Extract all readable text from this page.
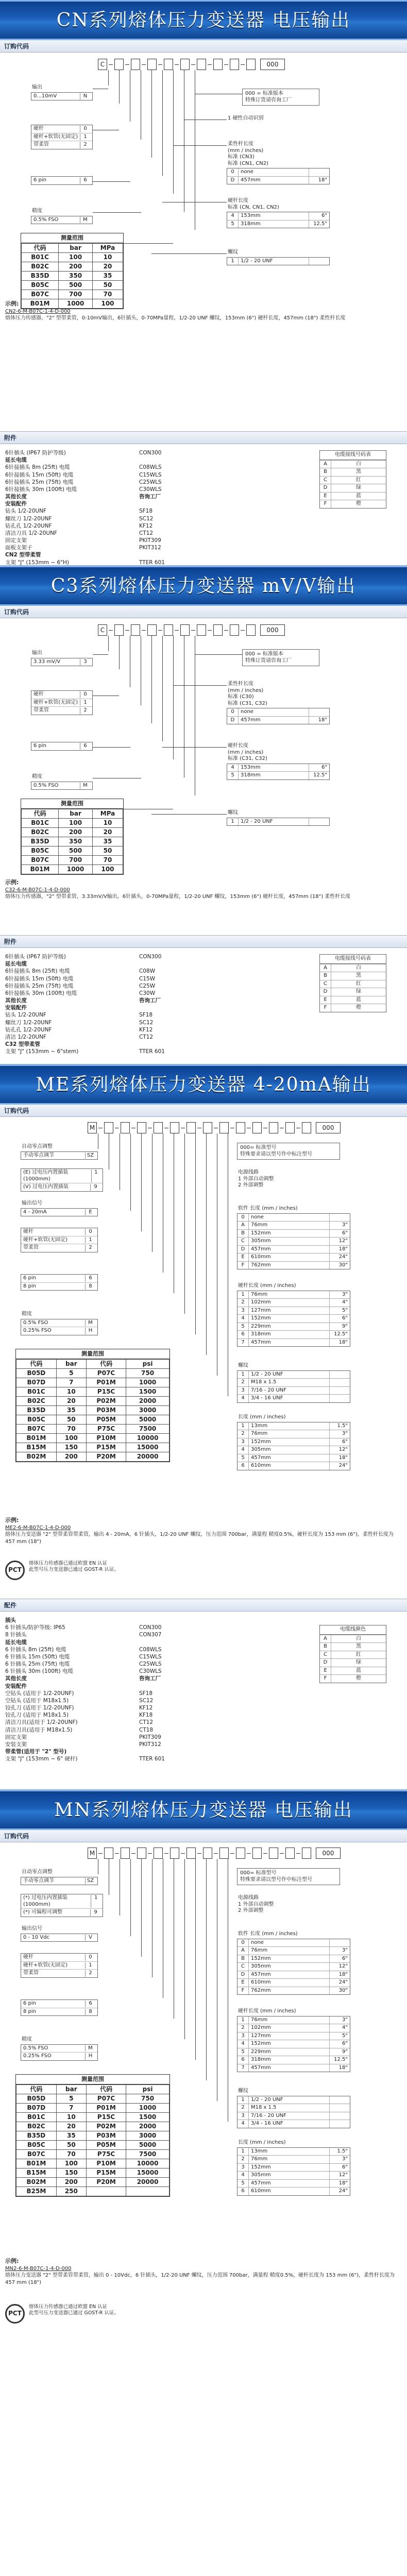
CN系列熔体压力变送器 电压输出
订购代码
C	000
输出
0...10mV	N
硬杆	0
硬杆+软管(无固定)	1
带柔管	2
6 pin	6
精度
0.5% FSO	M
测量范围
代码	bar	MPa
B01C	100	10
B02C	200	20
B35D	350	35
B05C	500	50
B07C	700	70
B01M	1000	100
000 = 标准版本
特殊订货请咨询工厂
1 硬性自动识别
柔性杆长度
(mm / inches)
标准 (CN3)
标准 (CN1, CN2)
0	none
D	457mm	18"
硬杆长度
标准 (CN, CN1, CN2)
4	153mm	6"
5	318mm	12.5"
螺纹
1	1/2 - 20 UNF
示例:
CN2-6-M-B07C-1-4-D-000
熔体压力传感器，"2" 型带柔管，0-10mV输出，6针插头，0-70MPa量程，1/2-20 UNF 螺纹，153mm (6") 硬杆长度，457mm (18") 柔性杆长度
附件
6针插头 (IP67 防护等级)	CON300
延长电缆
6针接插头 8m (25ft) 电缆	C08WLS
6针接插头 15m (50ft) 电缆	C15WLS
6针接插头 25m (75ft) 电缆	C25WLS
6针接插头 30m (100ft) 电缆	C30WLS
其他长度	咨询工厂
安装配件
钻头 1/2-20UNF	SF18
螺丝刀 1/2-20UNF	SC12
钻孔孔 1/2-20UNF	KF12
清洁刀具 1/2-20UNF	CT12
固定支架	PKIT309
面板支架子	PKIT312
CN2 型带柔管
支架 "J" (153mm ~ 6"H)	TTER 601
电缆接线号码表
A	白
B	黑
C	红
D	绿
E	蓝
F	橙
C3系列熔体压力变送器 mV/V输出
订购代码
C	000
输出
3.33 mV/V	3
硬杆	0
硬杆+软管(无固定)	1
带柔管	2
6 pin	6
精度
0.5% FSO	M
测量范围
代码	bar	MPa
B01C	100	10
B02C	200	20
B35D	350	35
B05C	500	50
B07C	700	70
B01M	1000	100
000 = 标准版本
特殊订货请咨询工厂
柔性杆长度
(mm / inches)
标准 (C30)
标准 (C31, C32)
0	none
D	457mm	18"
硬杆长度
(mm / inches)
标准 (C31, C32)
4	153mm	6"
5	318mm	12.5"
螺纹
1	1/2 - 20 UNF
示例:
C32-6-M-B07C-1-4-D-000
熔体压力传感器，"2" 型带柔管，3.33mV/V输出，6针插头，0-70MPa量程，1/2-20 UNF 螺纹，153mm (6") 硬杆长度，457mm (18") 柔性杆长度
附件
6针插头 (IP67 防护等级)	CON300
延长电缆
6针接插头 8m (25ft) 电缆	C08W
6针接插头 15m (50ft) 电缆	C15W
6针接插头 25m (75ft) 电缆	C25W
6针接插头 30m (100ft) 电缆	C30W
其他长度	咨询工厂
安装配件
钻头 1/2-20UNF	SF18
螺丝刀 1/2-20UNF	SC12
钻孔孔 1/2-20UNF	KF12
清洁 1/2-20UNF	CT12
C32 型带柔管
支架 "J" (153mm ~ 6"stem)	TTER 601
电缆接线号码表
A	白
B	黑
C	红
D	绿
E	蓝
F	橙
ME系列熔体压力变送器 4-20mA输出
订购代码
M	000
自动零点调整
手动零点调节	SZ
(E) 过电压内置插装 (1000mm)
1
(V) 过电压内置插装	9
输出信号
4 - 20mA	E
硬杆	0
硬杆+软管(无固定)	1
带柔管	2
6 pin	6
8 pin	8
精度
0.5% FSO	M
0.25% FSO	H
测量范围
代码	bar	代码	psi
B05D	5	P07C	750
B07D	7	P01M	1000
B01C	10	P15C	1500
B02C	20	P02M	2000
B35D	35	P03M	3000
B05C	50	P05M	5000
B07C	70	P75C	7500
B01M	100	P10M	10000
B15M	150	P15M	15000
B02M	200	P20M	20000
000= 标准型号
特殊要求请以型号作中标注型号
电源线路
1 外部自动调整
2 外部调整
软件 长度 (mm / inches)
0	none
A	76mm	3"
B	152mm	6"
C	305mm	12"
D	457mm	18"
E	610mm	24"
F	762mm	30"
硬杆长度 (mm / inches)
1	76mm	3"
2	102mm	4"
3	127mm	5"
4	152mm	6"
5	229mm	9"
6	318mm	12.5"
7	457mm	18"
螺纹
1	1/2 - 20 UNF
2	M18 x 1.5
3	7/16 - 20 UNF
4	3/4 - 16 UNF
长度 (mm / inches)
1	13mm	1.5"
2	76mm	3"
3	152mm	6"
4	305mm	12"
5	457mm	18"
6	610mm	24"
示例:
ME2-6-M-B07C-1-4-D-000
熔体压力变送器 "2" 型带柔管带柔管，输出 4 - 20mA，6 针插头，1/2-20 UNF 螺纹，压力范围 700bar，满量程 精度0.5%，硬杆长度为 153 mm (6")，柔性杆长度为 457 mm (18")
PCT
熔体压力传感器已通过欧盟 EN 认证
此型号压力变送器已通过 GOST-R 认证。
配件
插头
6 针插头/防护等级: IP65	CON300
8 针插头	CON307
延长电缆
6 针插头 8m (25ft) 电缆	C08WLS
6 针插头 15m (50ft) 电缆	C15WLS
6 针插头 25m (75ft) 电缆	C25WLS
6 针插头 30m (100ft) 电缆	C30WLS
其他长度	咨询工厂
安装配件
空钻头 (适用于 1/2-20UNF)	SF18
空钻头 (适用于 M18x1.5)	SC12
铰孔刀 (适用于 1/2-20UNF)	KF12
铰孔刀 (适用于 M18x1.5)	KF18
清洁刀具(适用于 1/2-20UNF)	CT12
清洁刀具(适用于 M18x1.5)	CT18
固定支架	PKIT309
安装支架	PKIT312
带柔管(适用于 "2" 型号)
支架 "J" (153mm ~ 6" 硬杆)	TTER 601
电缆线颜色
A	白
B	黑
C	红
D	绿
E	蓝
F	橙
MN系列熔体压力变送器 电压输出
订购代码
M	000
自动零点调整
手动零点调节	SZ
(*) 过电压内置插装 (1000mm)
1
(*) 可编程可调整	9
输出信号
0 - 10 Vdc	V
硬杆	0
硬杆+软管(无固定)	1
带柔管	2
6 pin	6
8 pin	8
精度
0.5% FSO	M
0.25% FSO	H
测量范围
代码	bar	代码	psi
B05D	5	P07C	750
B07D	7	P01M	1000
B01C	10	P15C	1500
B02C	20	P02M	2000
B35D	35	P03M	3000
B05C	50	P05M	5000
B07C	70	P75C	7500
B01M	100	P10M	10000
B15M	150	P15M	15000
B02M	200	P20M	20000
B25M	250		
000= 标准型号
特殊要求请以型号作中标注型号
电源线路
1 外部自动调整
2 外部调整
软件 长度 (mm / inches)
0	none
A	76mm	3"
B	152mm	6"
C	305mm	12"
D	457mm	18"
E	610mm	24"
F	762mm	30"
硬杆长度 (mm / inches)
1	76mm	3"
2	102mm	4"
3	127mm	5"
4	152mm	6"
5	229mm	9"
6	318mm	12.5"
7	457mm	18"
螺纹
1	1/2 - 20 UNF
2	M18 x 1.5
3	7/16 - 20 UNF
4	3/4 - 16 UNF
长度 (mm / inches)
1	13mm	1.5"
2	76mm	3"
3	152mm	6"
4	305mm	12"
5	457mm	18"
6	610mm	24"
示例:
MN2-6-M-B07C-1-4-D-000
熔体压力变送器 "2" 型带柔管带柔管，输出 0 - 10Vdc，6 针插头，1/2-20 UNF 螺纹，压力范围 700bar，满量程 精度0.5%，硬杆长度为 153 mm (6")，柔性杆长度为 457 mm (18")
PCT
熔体压力传感器已通过欧盟 EN 认证
此型号压力变送器已通过 GOST-R 认证。
